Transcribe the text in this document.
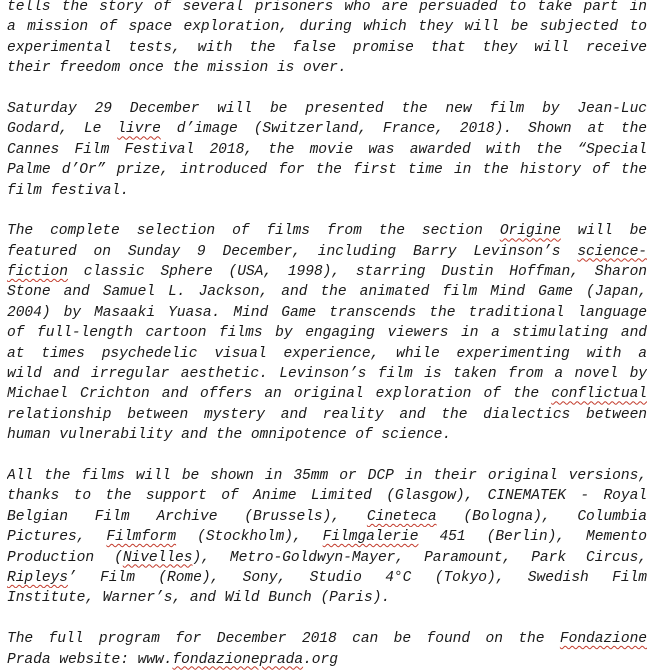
tells the story of several prisoners who are persuaded to take part in
a mission of space exploration, during which they will be subjected to
experimental tests, with the false promise that they will receive
their freedom once the mission is over.
Saturday 29 December will be presented the new film by Jean-Luc
Godard, Le livre d’image (Switzerland, France, 2018). Shown at the
Cannes Film Festival 2018, the movie was awarded with the “Special
Palme d’Or” prize, introduced for the first time in the history of the
film festival.
The complete selection of films from the section Origine will be
featured on Sunday 9 December, including Barry Levinson’s science-
fiction classic Sphere (USA, 1998), starring Dustin Hoffman, Sharon
Stone and Samuel L. Jackson, and the animated film Mind Game (Japan,
2004) by Masaaki Yuasa. Mind Game transcends the traditional language
of full-length cartoon films by engaging viewers in a stimulating and
at times psychedelic visual experience, while experimenting with a
wild and irregular aesthetic. Levinson’s film is taken from a novel by
Michael Crichton and offers an original exploration of the conflictual
relationship between mystery and reality and the dialectics between
human vulnerability and the omnipotence of science.
All the films will be shown in 35mm or DCP in their original versions,
thanks to the support of Anime Limited (Glasgow), CINEMATEK - Royal
Belgian Film Archive (Brussels), Cineteca (Bologna), Columbia
Pictures, Filmform (Stockholm), Filmgalerie 451 (Berlin), Memento
Production (Nivelles), Metro-Goldwyn-Mayer, Paramount, Park Circus,
Ripleys’ Film (Rome), Sony, Studio 4°C (Tokyo), Swedish Film
Institute, Warner’s, and Wild Bunch (Paris).
The full program for December 2018 can be found on the Fondazione
Prada website: www.fondazioneprada.org
